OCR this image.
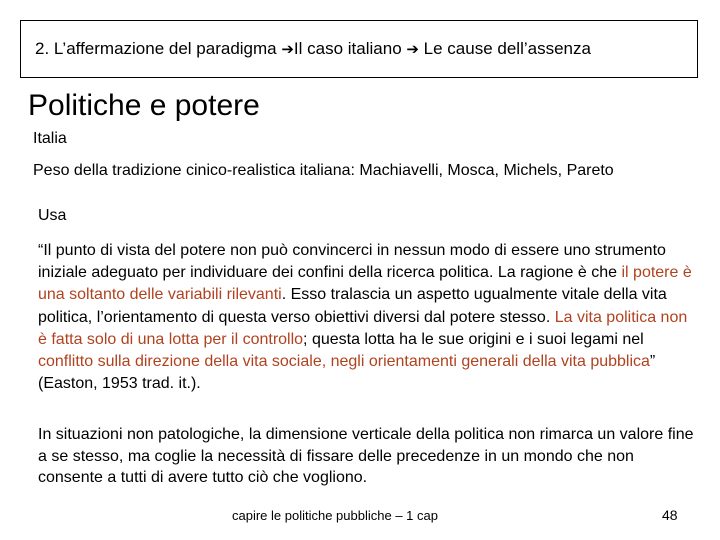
2. L’affermazione del paradigma ➔Il caso italiano ➔ Le cause dell’assenza
Politiche e potere
Italia
Peso della tradizione cinico-realistica italiana: Machiavelli, Mosca, Michels, Pareto
Usa
“Il punto di vista del potere non può convincerci in nessun modo di essere uno strumento iniziale adeguato per individuare dei confini della ricerca politica. La ragione è che il potere è una soltanto delle variabili rilevanti. Esso tralascia un aspetto ugualmente vitale della vita politica, l’orientamento di questa verso obiettivi diversi dal potere stesso. La vita politica non è fatta solo di una lotta per il controllo; questa lotta ha le sue origini e i suoi legami nel conflitto sulla direzione della vita sociale, negli orientamenti generali della vita pubblica” (Easton, 1953 trad. it.).
In situazioni non patologiche, la dimensione verticale della politica non rimarca un valore fine a se stesso, ma coglie la necessità di fissare delle precedenze in un mondo che non consente a tutti di avere tutto ciò che vogliono.
capire le politiche pubbliche – 1 cap	48
